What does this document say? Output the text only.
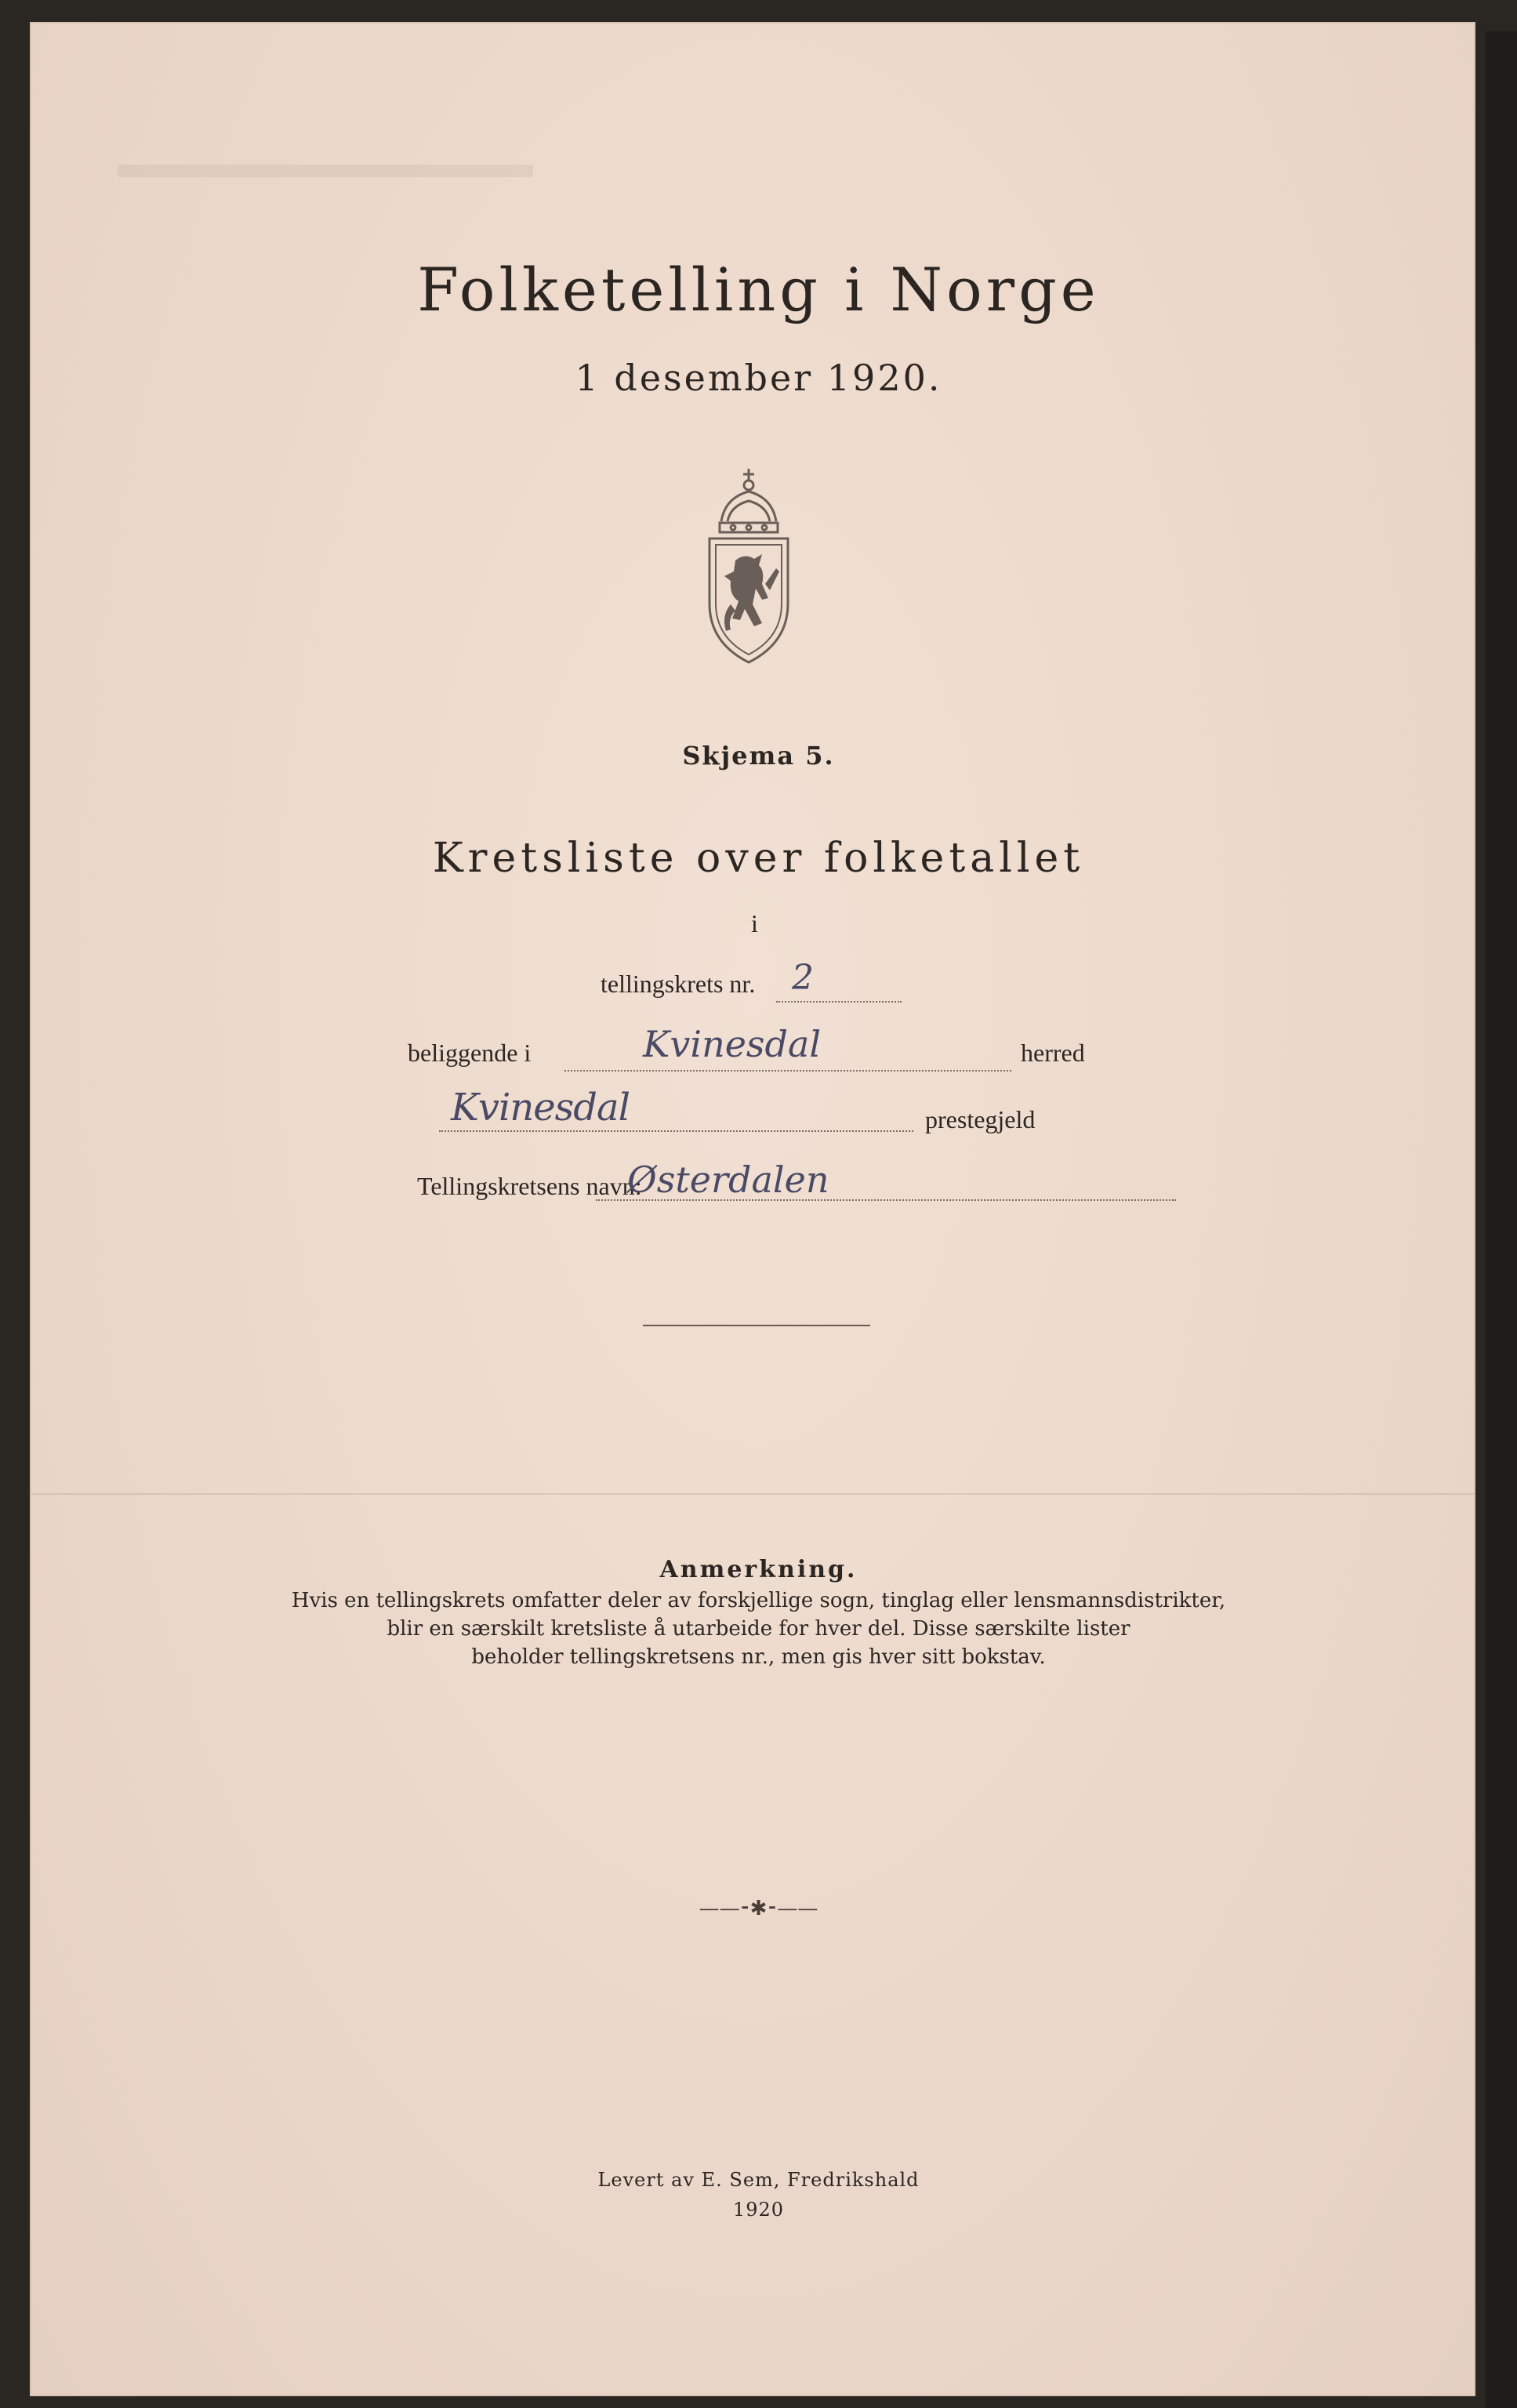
Folketelling i Norge
1 desember 1920.
Skjema 5.
Kretsliste over folketallet
i
tellingskrets nr. 2
beliggende i	Kvinesdal	herred
Kvinesdal	prestegjeld
Tellingskretsens navn:
Østerdalen
Anmerkning.
Hvis en tellingskrets omfatter deler av forskjellige sogn, tinglag eller lensmannsdistrikter,
blir en særskilt kretsliste å utarbeide for hver del. Disse særskilte lister
beholder tellingskretsens nr., men gis hver sitt bokstav.
——⁃✱⁃——
Levert av E. Sem, Fredrikshald
1920
